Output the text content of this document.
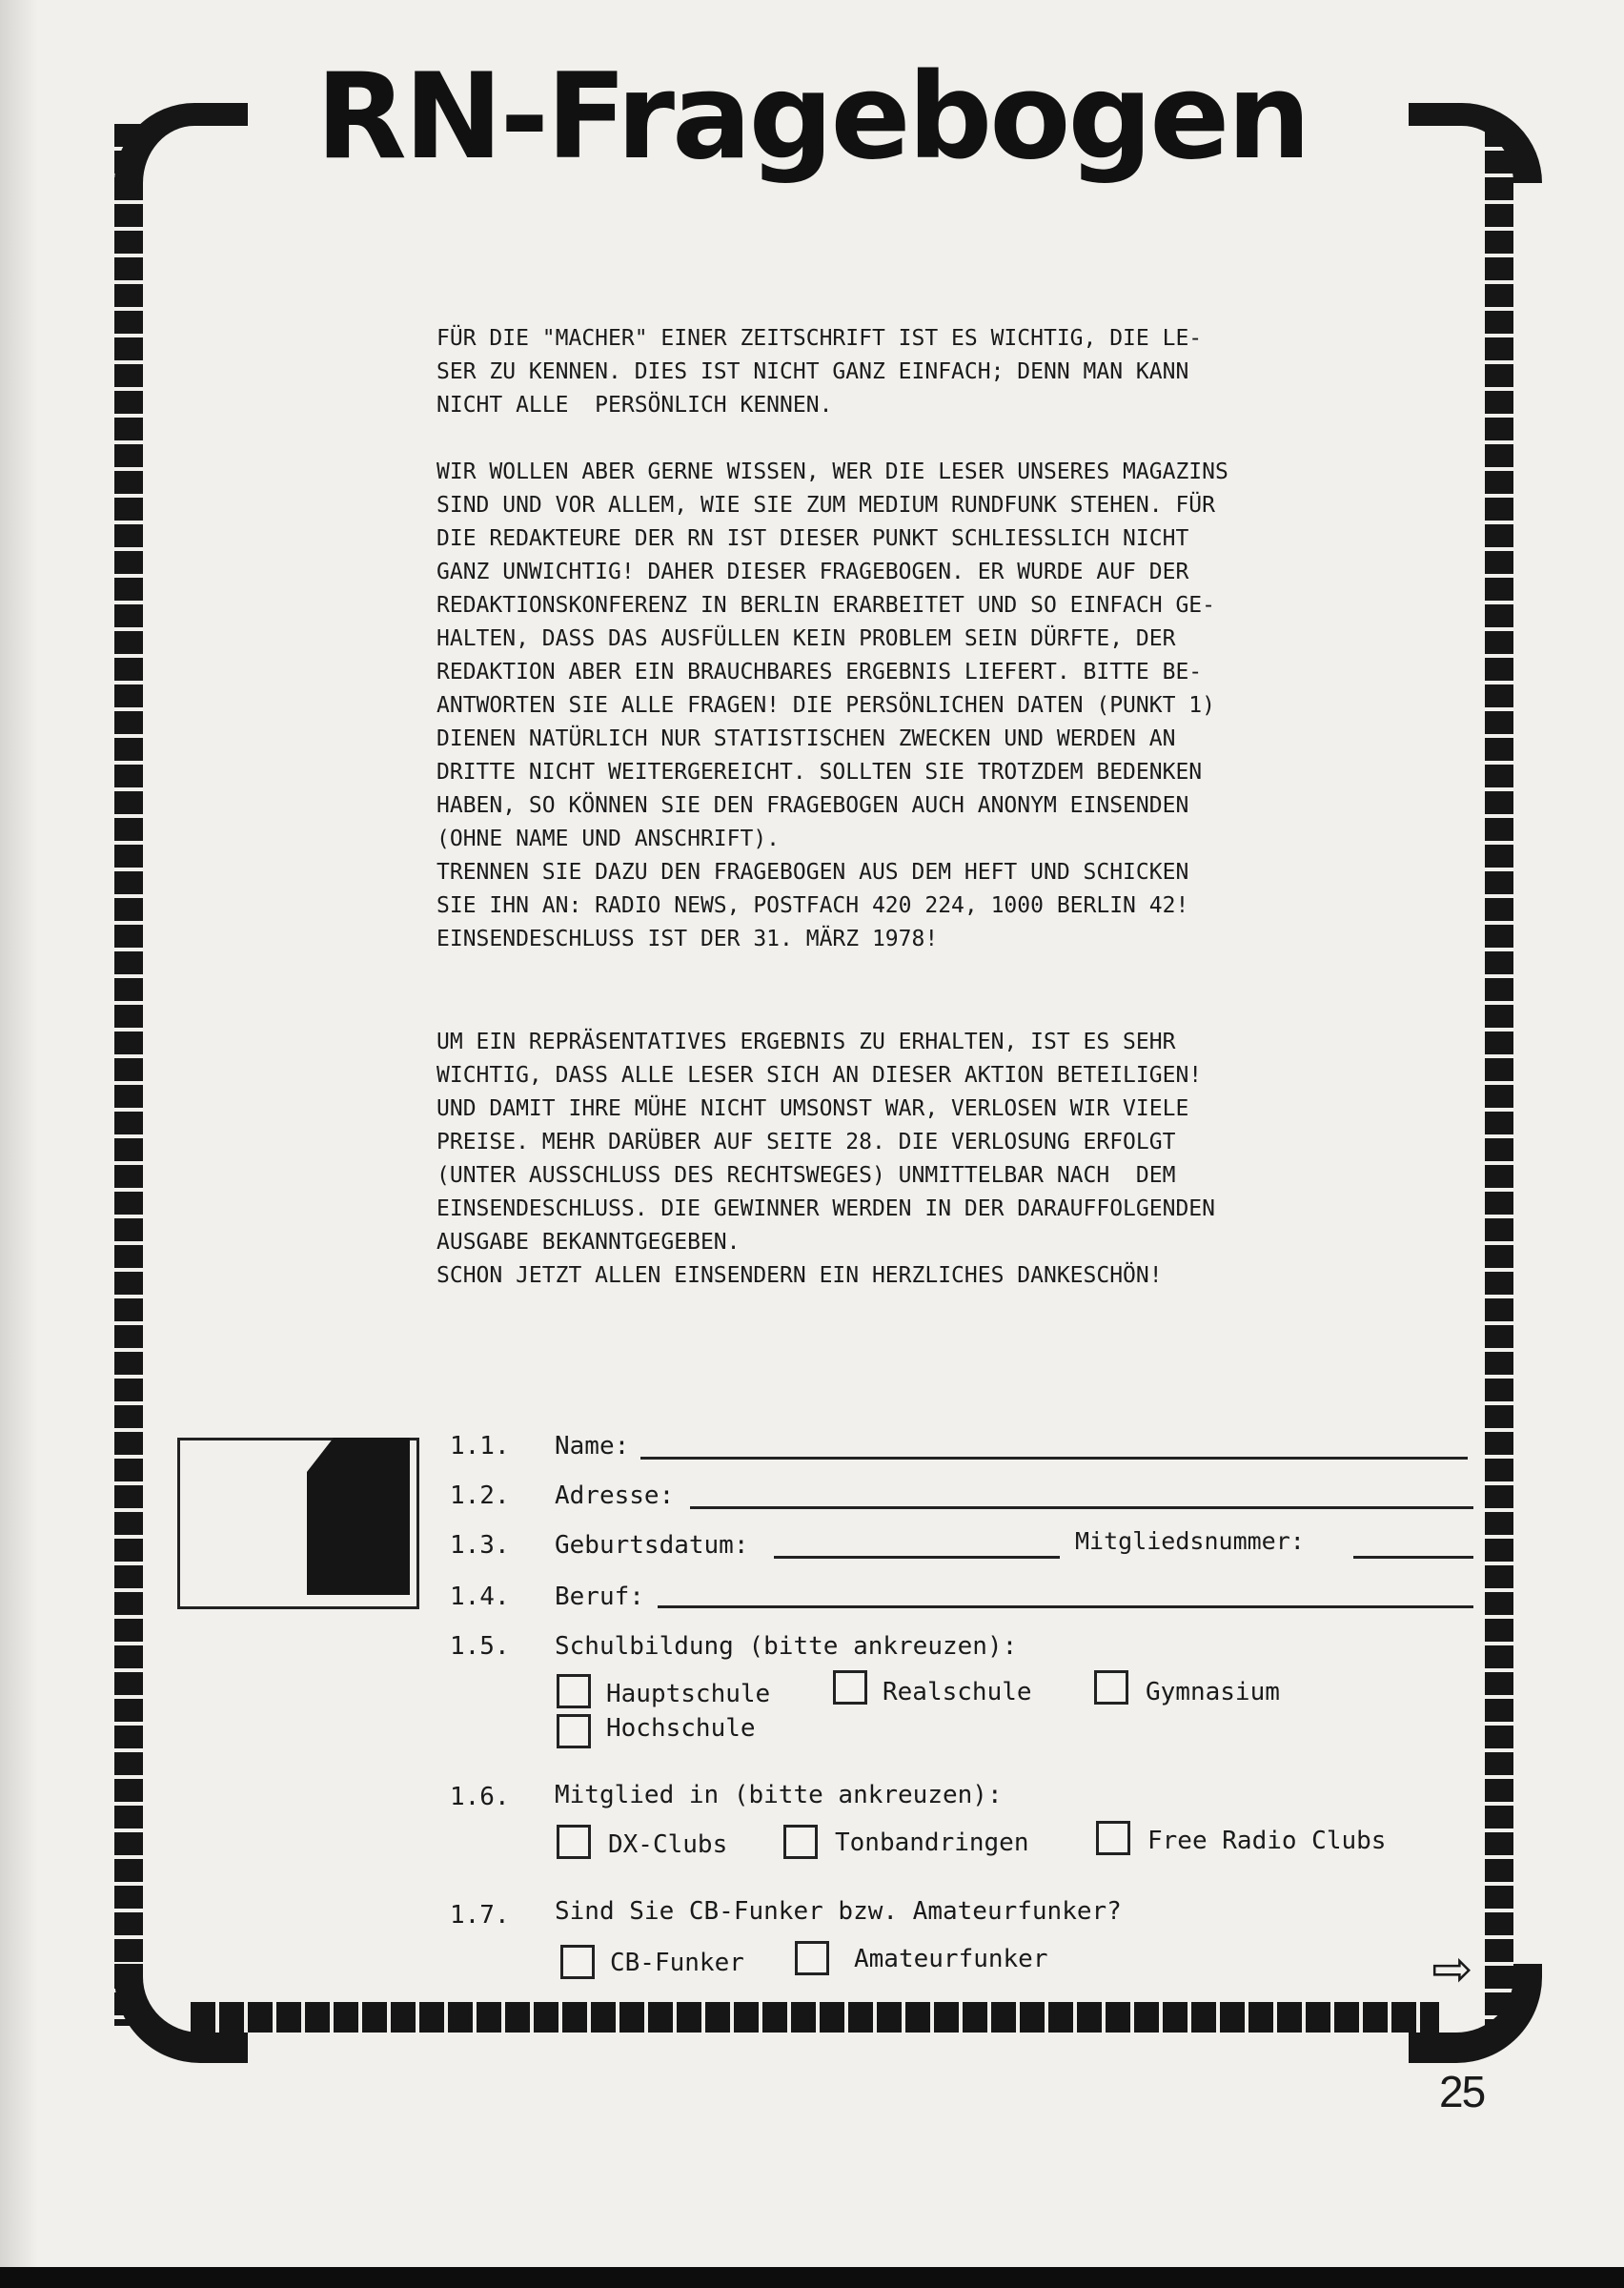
RN-Fragebogen

FÜR DIE "MACHER" EINER ZEITSCHRIFT IST ES WICHTIG, DIE LE-
SER ZU KENNEN. DIES IST NICHT GANZ EINFACH; DENN MAN KANN
NICHT ALLE  PERSÖNLICH KENNEN.

WIR WOLLEN ABER GERNE WISSEN, WER DIE LESER UNSERES MAGAZINS
SIND UND VOR ALLEM, WIE SIE ZUM MEDIUM RUNDFUNK STEHEN. FÜR
DIE REDAKTEURE DER RN IST DIESER PUNKT SCHLIESSLICH NICHT
GANZ UNWICHTIG! DAHER DIESER FRAGEBOGEN. ER WURDE AUF DER
REDAKTIONSKONFERENZ IN BERLIN ERARBEITET UND SO EINFACH GE-
HALTEN, DASS DAS AUSFÜLLEN KEIN PROBLEM SEIN DÜRFTE, DER
REDAKTION ABER EIN BRAUCHBARES ERGEBNIS LIEFERT. BITTE BE-
ANTWORTEN SIE ALLE FRAGEN! DIE PERSÖNLICHEN DATEN (PUNKT 1)
DIENEN NATÜRLICH NUR STATISTISCHEN ZWECKEN UND WERDEN AN
DRITTE NICHT WEITERGEREICHT. SOLLTEN SIE TROTZDEM BEDENKEN
HABEN, SO KÖNNEN SIE DEN FRAGEBOGEN AUCH ANONYM EINSENDEN
(OHNE NAME UND ANSCHRIFT).
TRENNEN SIE DAZU DEN FRAGEBOGEN AUS DEM HEFT UND SCHICKEN
SIE IHN AN: RADIO NEWS, POSTFACH 420 224, 1000 BERLIN 42!
EINSENDESCHLUSS IST DER 31. MÄRZ 1978!

UM EIN REPRÄSENTATIVES ERGEBNIS ZU ERHALTEN, IST ES SEHR
WICHTIG, DASS ALLE LESER SICH AN DIESER AKTION BETEILIGEN!
UND DAMIT IHRE MÜHE NICHT UMSONST WAR, VERLOSEN WIR VIELE
PREISE. MEHR DARÜBER AUF SEITE 28. DIE VERLOSUNG ERFOLGT
(UNTER AUSSCHLUSS DES RECHTSWEGES) UNMITTELBAR NACH  DEM
EINSENDESCHLUSS. DIE GEWINNER WERDEN IN DER DARAUFFOLGENDEN
AUSGABE BEKANNTGEGEBEN.
SCHON JETZT ALLEN EINSENDERN EIN HERZLICHES DANKESCHÖN!

1.1. Name:
1.2. Adresse:
1.3. Geburtsdatum:	Mitgliedsnummer:
1.4. Beruf:
1.5. Schulbildung (bitte ankreuzen):
Hauptschule	Realschule	Gymnasium
Hochschule
1.6. Mitglied in (bitte ankreuzen):
DX-Clubs	Tonbandringen	Free Radio Clubs
1.7. Sind Sie CB-Funker bzw. Amateurfunker?
CB-Funker	Amateurfunker	⇨
25
